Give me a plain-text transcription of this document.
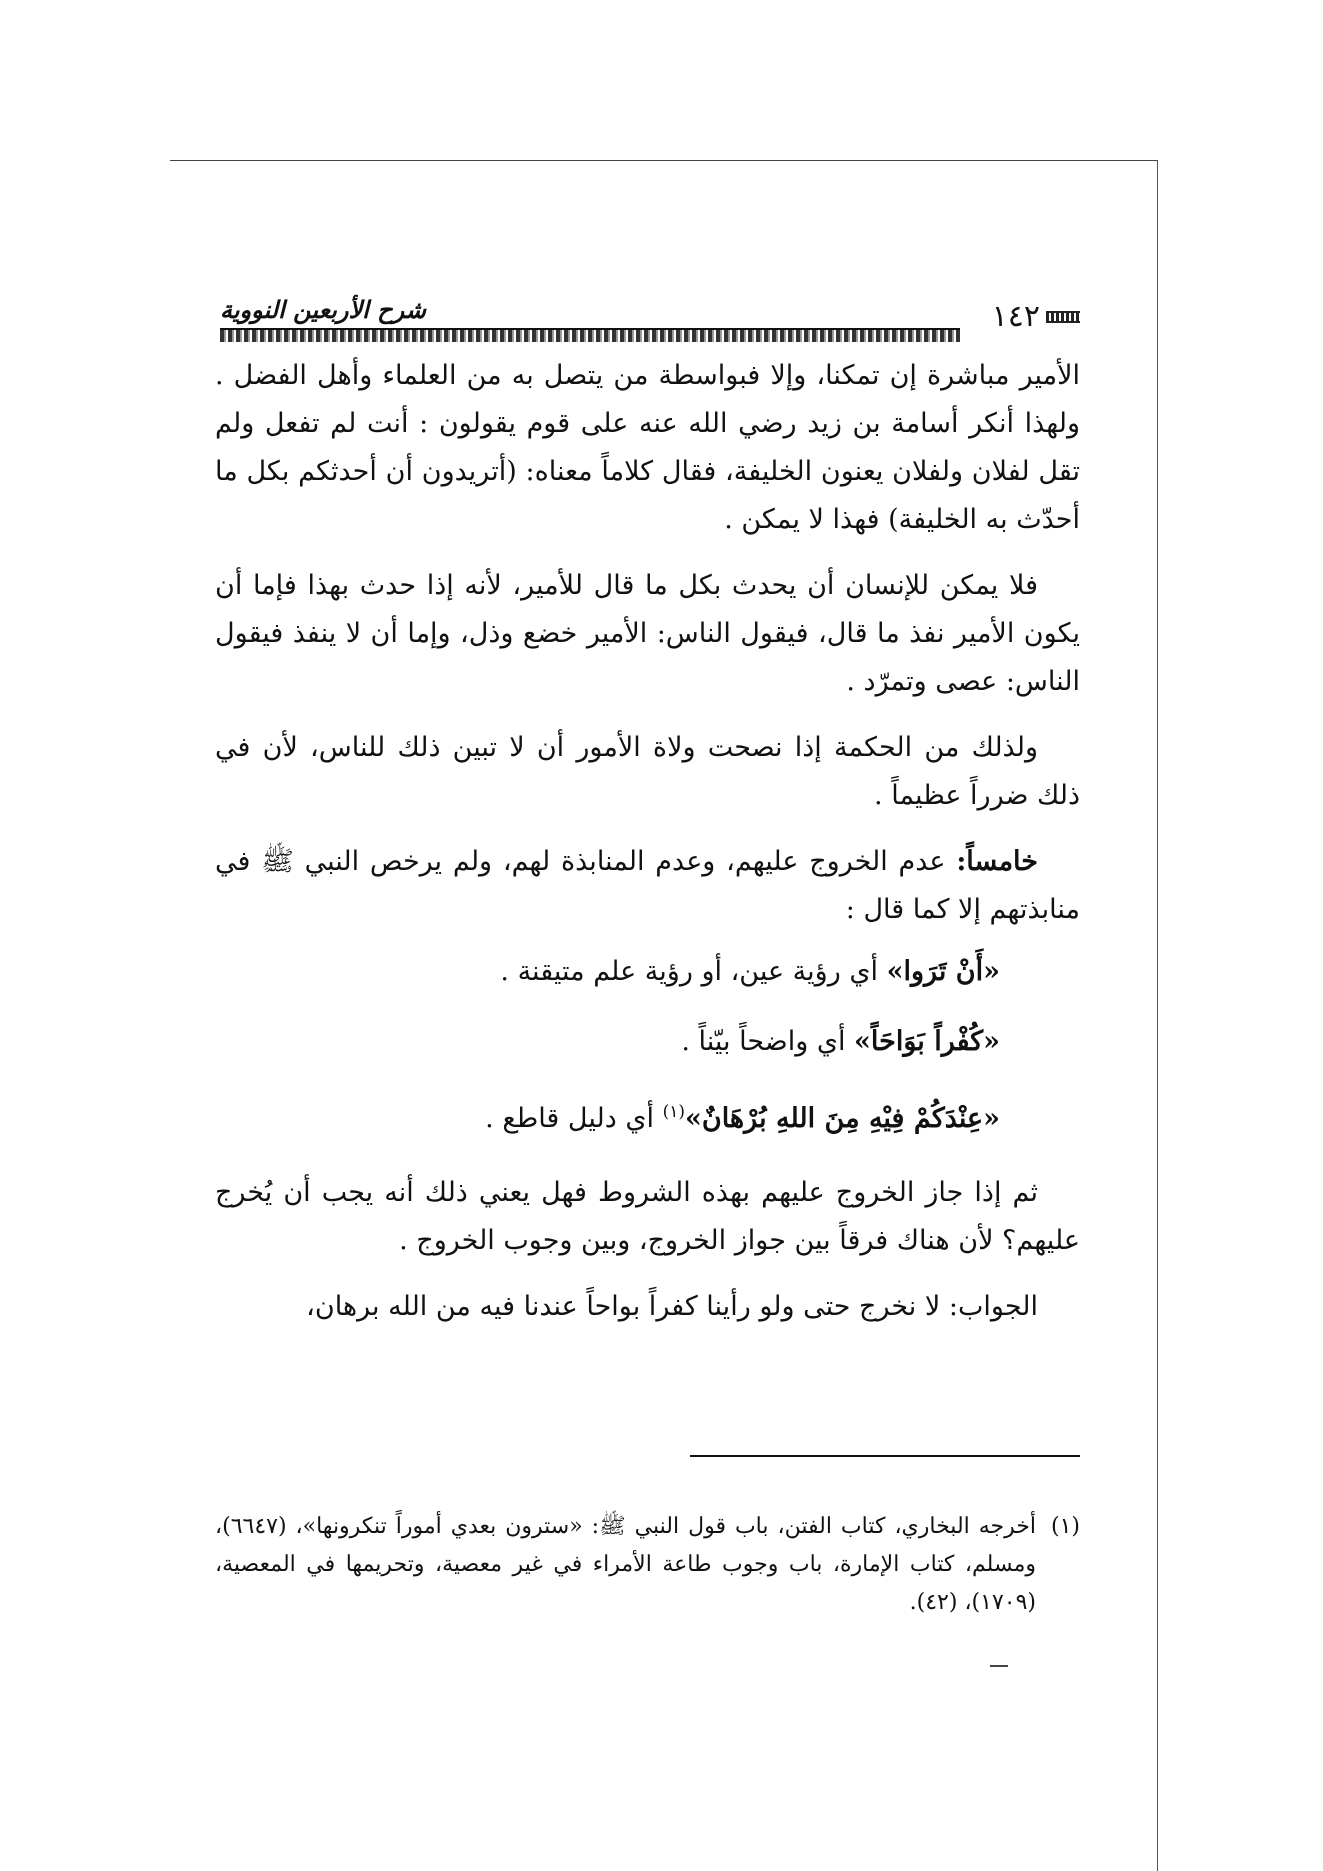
١٤٢
شرح الأربعين النووية

الأمير مباشرة إن تمكنا، وإلا فبواسطة من يتصل به من العلماء وأهل الفضل . ولهذا أنكر أسامة بن زيد رضي الله عنه على قوم يقولون : أنت لم تفعل ولم تقل لفلان ولفلان يعنون الخليفة، فقال كلاماً معناه: (أتريدون أن أحدثكم بكل ما أحدّث به الخليفة) فهذا لا يمكن .

فلا يمكن للإنسان أن يحدث بكل ما قال للأمير، لأنه إذا حدث بهذا فإما أن يكون الأمير نفذ ما قال، فيقول الناس: الأمير خضع وذل، وإما أن لا ينفذ فيقول الناس: عصى وتمرّد .

ولذلك من الحكمة إذا نصحت ولاة الأمور أن لا تبين ذلك للناس، لأن في ذلك ضرراً عظيماً .

خامساً: عدم الخروج عليهم، وعدم المنابذة لهم، ولم يرخص النبي ﷺ في منابذتهم إلا كما قال :

«أَنْ تَرَوا» أي رؤية عين، أو رؤية علم متيقنة .
«كُفْراً بَوَاحَاً» أي واضحاً بيّناً .
«عِنْدَكُمْ فِيْهِ مِنَ اللهِ بُرْهَانٌ»$^{(١)}$ أي دليل قاطع .

ثم إذا جاز الخروج عليهم بهذه الشروط فهل يعني ذلك أنه يجب أن يُخرج عليهم؟ لأن هناك فرقاً بين جواز الخروج، وبين وجوب الخروج .

الجواب: لا نخرج حتى ولو رأينا كفراً بواحاً عندنا فيه من الله برهان،

(١)
أخرجه البخاري، كتاب الفتن، باب قول النبي ﷺ: «سترون بعدي أموراً تنكرونها»، (٦٦٤٧)، ومسلم، كتاب الإمارة، باب وجوب طاعة الأمراء في غير معصية، وتحريمها في المعصية، (١٧٠٩)، (٤٢).
